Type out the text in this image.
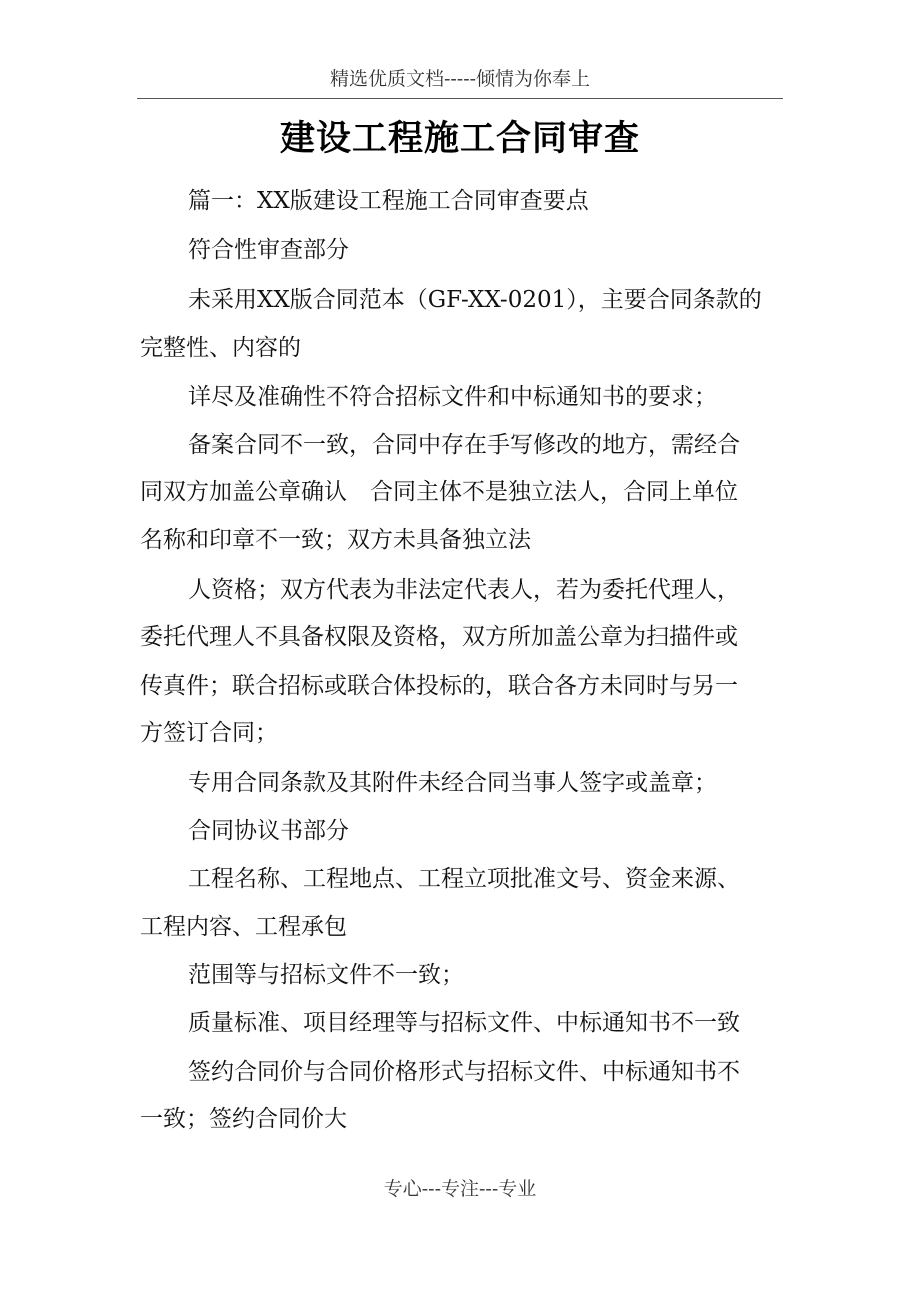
精选优质文档-----倾情为你奉上
建设工程施工合同审查

篇一：XX版建设工程施工合同审查要点

符合性审查部分

未采用XX版合同范本（GF-XX-0201），主要合同条款的

完整性、内容的

详尽及准确性不符合招标文件和中标通知书的要求；

备案合同不一致，合同中存在手写修改的地方，需经合

同双方加盖公章确认　合同主体不是独立法人，合同上单位

名称和印章不一致；双方未具备独立法

人资格；双方代表为非法定代表人，若为委托代理人，

委托代理人不具备权限及资格，双方所加盖公章为扫描件或

传真件；联合招标或联合体投标的，联合各方未同时与另一

方签订合同；

专用合同条款及其附件未经合同当事人签字或盖章；

合同协议书部分

工程名称、工程地点、工程立项批准文号、资金来源、

工程内容、工程承包

范围等与招标文件不一致；

质量标准、项目经理等与招标文件、中标通知书不一致

签约合同价与合同价格形式与招标文件、中标通知书不

一致；签约合同价大

专心---专注---专业
